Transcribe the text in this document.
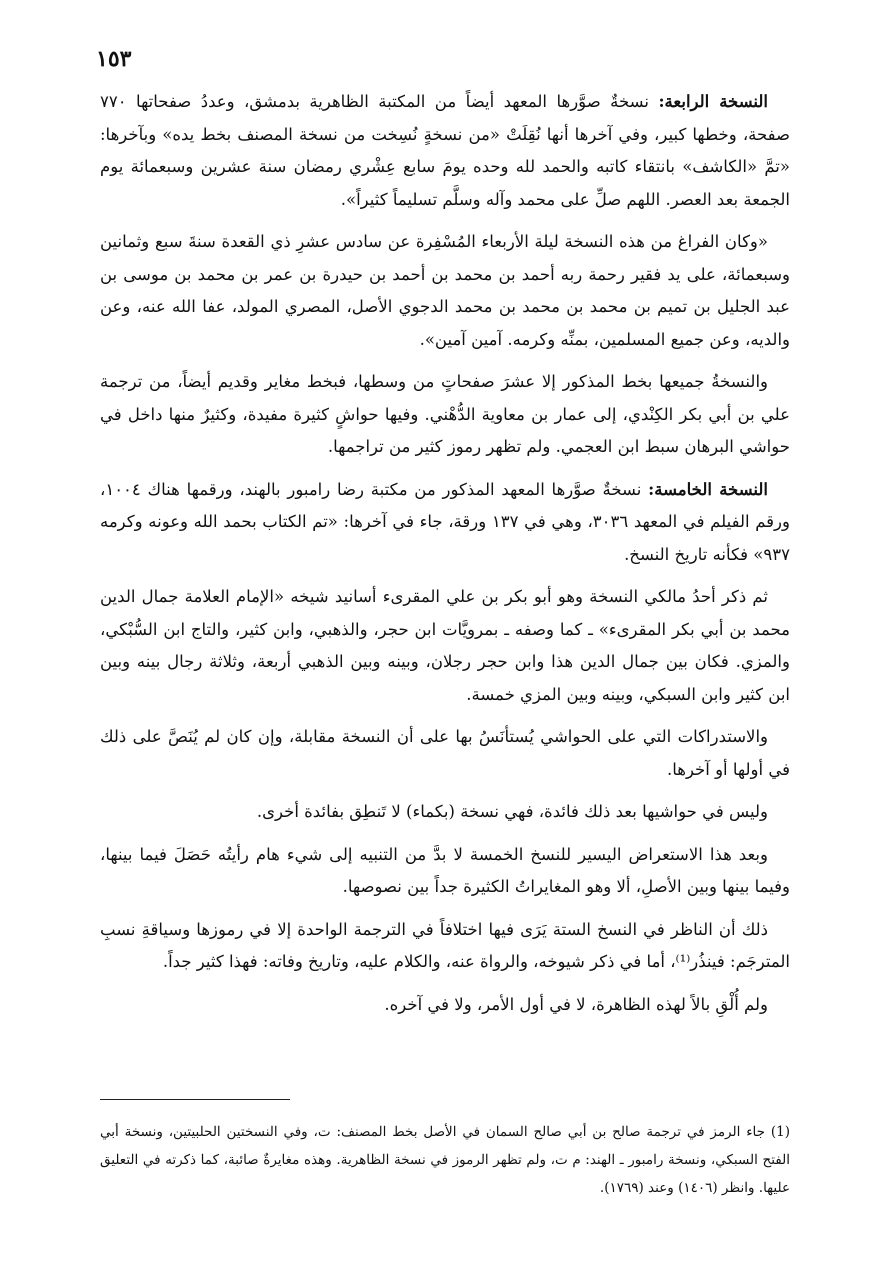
١٥٣

النسخة الرابعة: نسخةٌ صوَّرها المعهد أيضاً من المكتبة الظاهرية بدمشق، وعددُ صفحاتها ٧٧٠ صفحة، وخطها كبير، وفي آخرها أنها نُقِلَتْ «من نسخةٍ نُسِخت من نسخة المصنف بخط يده» وبآخرها: «تمَّ «الكاشف» بانتقاء كاتبه والحمد لله وحده يومَ سابع عِشْري رمضان سنة عشرين وسبعمائة يوم الجمعة بعد العصر. اللهم صلِّ على محمد وآله وسلَّم تسليماً كثيراً».

«وكان الفراغ من هذه النسخة ليلة الأربعاء المُسْفِرة عن سادس عشرِ ذي القعدة سنةَ سبع وثمانين وسبعمائة، على يد فقير رحمة ربه أحمد بن محمد بن أحمد بن حيدرة بن عمر بن محمد بن موسى بن عبد الجليل بن تميم بن محمد بن محمد بن محمد الدجوي الأصل، المصري المولد، عفا الله عنه، وعن والديه، وعن جميع المسلمين، بمنِّه وكرمه. آمين آمين».

والنسخةُ جميعها بخط المذكور إلا عشرَ صفحاتٍ من وسطها، فبخط مغاير وقديم أيضاً، من ترجمة علي بن أبي بكر الكِنْدي، إلى عمار بن معاوية الدُّهْني. وفيها حواشٍ كثيرة مفيدة، وكثيرٌ منها داخل في حواشي البرهان سبط ابن العجمي. ولم تظهر رموز كثير من تراجمها.

النسخة الخامسة: نسخةٌ صوَّرها المعهد المذكور من مكتبة رضا رامبور بالهند، ورقمها هناك ١٠٠٤، ورقم الفيلم في المعهد ٣٠٣٦، وهي في ١٣٧ ورقة، جاء في آخرها: «تم الكتاب بحمد الله وعونه وكرمه ٩٣٧» فكأنه تاريخ النسخ.

ثم ذكر أحدُ مالكي النسخة وهو أبو بكر بن علي المقرىء أسانيد شيخه «الإمام العلامة جمال الدين محمد بن أبي بكر المقرىء» ـ كما وصفه ـ بمرويَّات ابن حجر، والذهبي، وابن كثير، والتاج ابن السُّبْكي، والمزي. فكان بين جمال الدين هذا وابن حجر رجلان، وبينه وبين الذهبي أربعة، وثلاثة رجال بينه وبين ابن كثير وابن السبكي، وبينه وبين المزي خمسة.

والاستدراكات التي على الحواشي يُستأنَسُ بها على أن النسخة مقابلة، وإن كان لم يُنَصَّ على ذلك في أولها أو آخرها.

وليس في حواشيها بعد ذلك فائدة، فهي نسخة (بكماء) لا تَنطِق بفائدة أخرى.

وبعد هذا الاستعراض اليسير للنسخ الخمسة لا بدَّ من التنبيه إلى شيء هام رأيتُه حَصَلَ فيما بينها، وفيما بينها وبين الأصلِ، ألا وهو المغايراتُ الكثيرة جداً بين نصوصها.

ذلك أن الناظر في النسخ الستة يَرَى فيها اختلافاً في الترجمة الواحدة إلا في رموزها وسياقةِ نسبِ المترجَم: فينذُر⁽¹⁾، أما في ذكر شيوخه، والرواة عنه، والكلام عليه، وتاريخ وفاته: فهذا كثير جداً.

ولم أُلْقِ بالاً لهذه الظاهرة، لا في أول الأمر، ولا في آخره.

(1) جاء الرمز في ترجمة صالح بن أبي صالح السمان في الأصل بخط المصنف: ت، وفي النسختين الحلبيتين، ونسخة أبي الفتح السبكي، ونسخة رامبور ـ الهند: م ت، ولم تظهر الرموز في نسخة الظاهرية. وهذه مغايرةٌ صائبة، كما ذكرته في التعليق عليها. وانظر (١٤٠٦) وعند (١٧٦٩).
